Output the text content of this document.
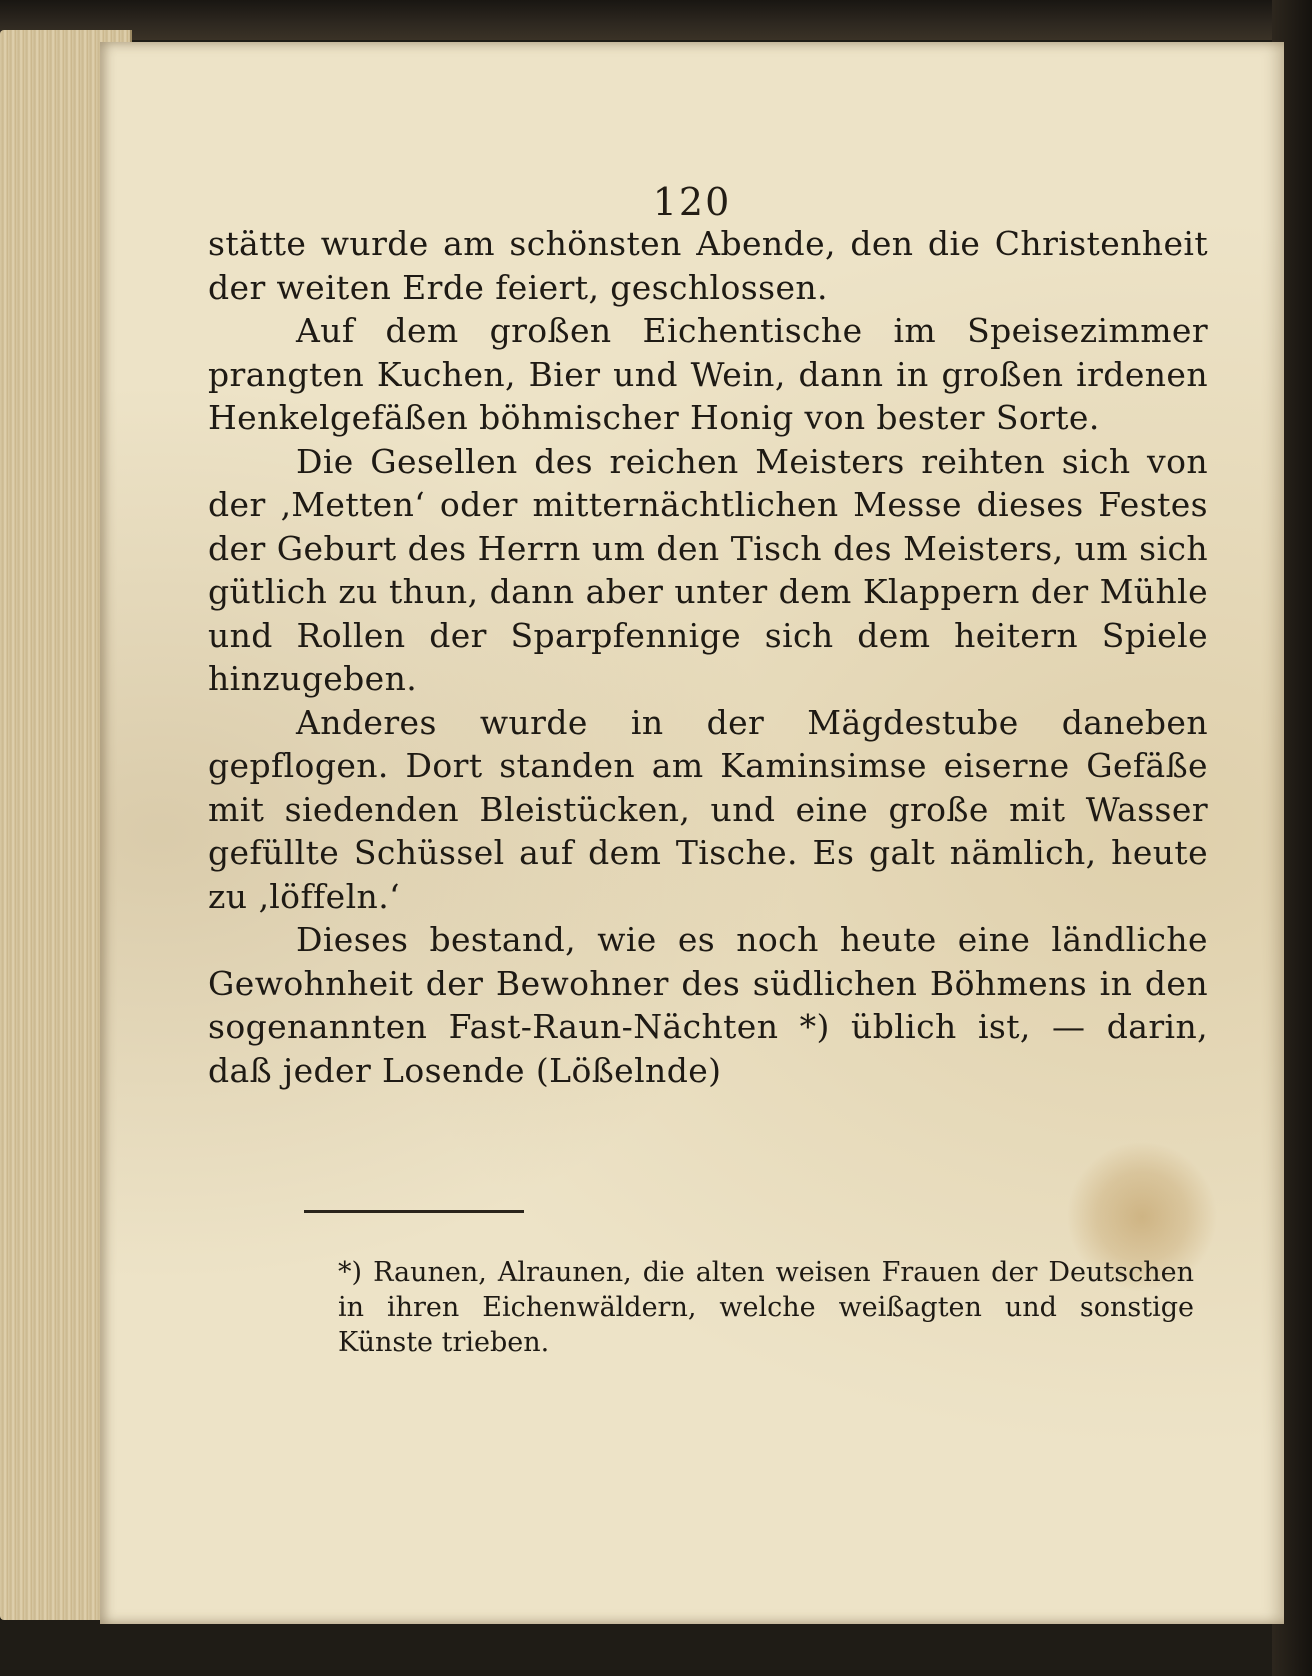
120

stätte wurde am schönsten Abende, den die Christenheit der weiten Erde feiert, geschlossen.

Auf dem großen Eichentische im Speisezimmer prangten Kuchen, Bier und Wein, dann in großen irdenen Henkelgefäßen böhmischer Honig von bester Sorte.

Die Gesellen des reichen Meisters reihten sich von der ‚Metten‘ oder mitternächtlichen Messe dieses Festes der Geburt des Herrn um den Tisch des Meisters, um sich gütlich zu thun, dann aber unter dem Klappern der Mühle und Rollen der Sparpfennige sich dem heitern Spiele hinzugeben.

Anderes wurde in der Mägdestube daneben gepflogen. Dort standen am Kaminsimse eiserne Gefäße mit siedenden Bleistücken, und eine große mit Wasser gefüllte Schüssel auf dem Tische. Es galt nämlich, heute zu ‚löffeln.‘

Dieses bestand, wie es noch heute eine ländliche Gewohnheit der Bewohner des südlichen Böhmens in den sogenannten Fast-Raun-Nächten *) üblich ist, — darin, daß jeder Losende (Lößelnde)

*) Raunen, Alraunen, die alten weisen Frauen der Deutschen in ihren Eichenwäldern, welche weißagten und sonstige Künste trieben.
